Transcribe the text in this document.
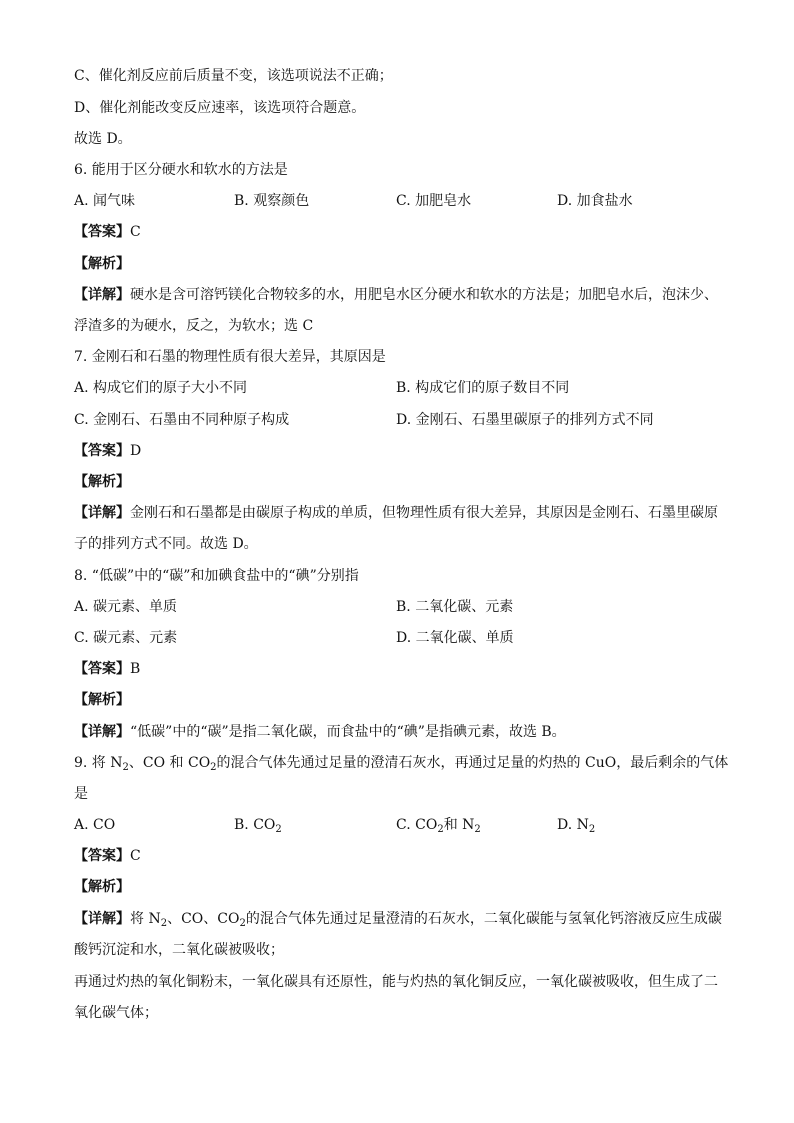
C、催化剂反应前后质量不变，该选项说法不正确；
D、催化剂能改变反应速率，该选项符合题意。
故选 D。
6. 能用于区分硬水和软水的方法是
A. 闻气味	B. 观察颜色	C. 加肥皂水	D. 加食盐水
【答案】C
【解析】
【详解】硬水是含可溶钙镁化合物较多的水，用肥皂水区分硬水和软水的方法是；加肥皂水后，泡沫少、
浮渣多的为硬水，反之，为软水；选 C
7. 金刚石和石墨的物理性质有很大差异，其原因是
A. 构成它们的原子大小不同	B. 构成它们的原子数目不同
C. 金刚石、石墨由不同种原子构成	D. 金刚石、石墨里碳原子的排列方式不同
【答案】D
【解析】
【详解】金刚石和石墨都是由碳原子构成的单质，但物理性质有很大差异，其原因是金刚石、石墨里碳原
子的排列方式不同。故选 D。
8. “低碳”中的“碳”和加碘食盐中的“碘”分别指
A. 碳元素、单质	B. 二氧化碳、元素
C. 碳元素、元素	D. 二氧化碳、单质
【答案】B
【解析】
【详解】“低碳”中的“碳”是指二氧化碳，而食盐中的“碘”是指碘元素，故选 B。
9. 将 $N_2$、CO 和 $CO_2$的混合气体先通过足量的澄清石灰水，再通过足量的灼热的 CuO，最后剩余的气体
是
A. CO	B. $CO_2$	C. $CO_2$和 $N_2$	D. $N_2$
【答案】C
【解析】
【详解】将 $N_2$、CO、$CO_2$的混合气体先通过足量澄清的石灰水，二氧化碳能与氢氧化钙溶液反应生成碳
酸钙沉淀和水，二氧化碳被吸收；
再通过灼热的氧化铜粉末，一氧化碳具有还原性，能与灼热的氧化铜反应，一氧化碳被吸收，但生成了二
氧化碳气体；
